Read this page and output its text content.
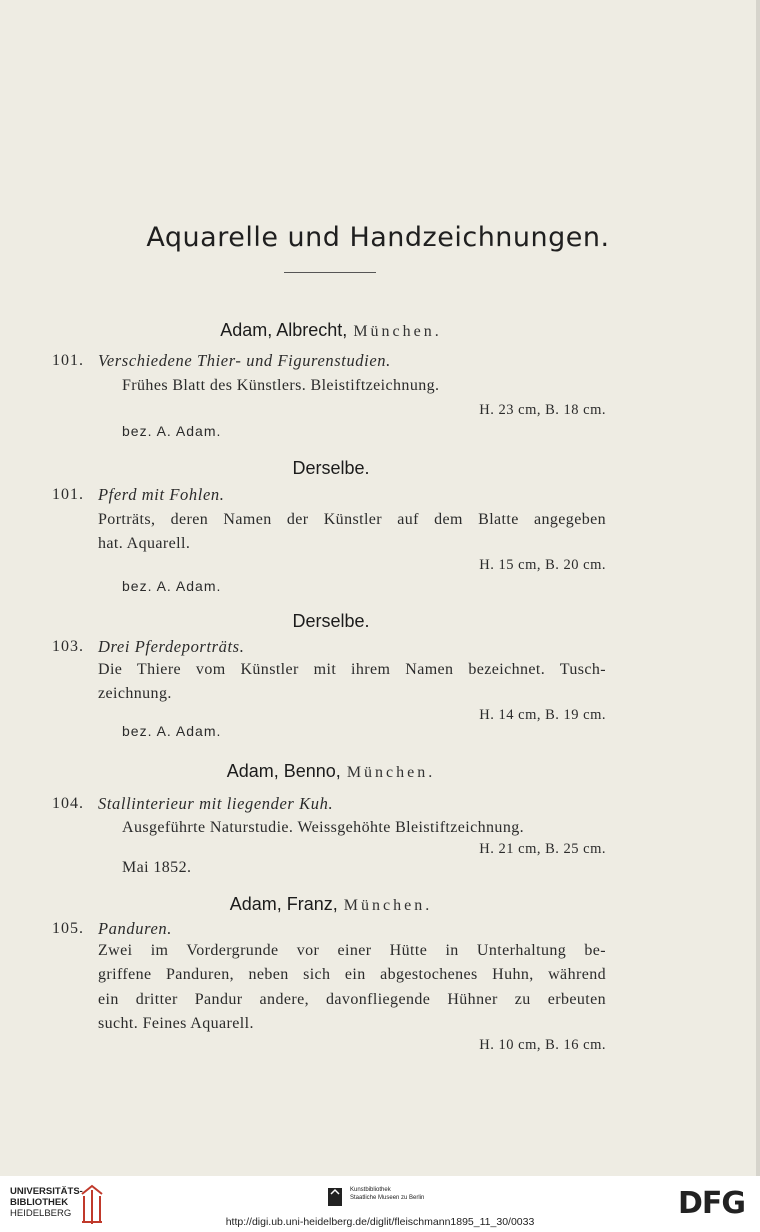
Aquarelle und Handzeichnungen.
Adam, Albrecht, München.
101. Verschiedene Thier- und Figurenstudien.
Frühes Blatt des Künstlers. Bleistiftzeichnung.
H. 23 cm, B. 18 cm.
bez. A. Adam.
Derselbe.
101. Pferd mit Fohlen.
Porträts, deren Namen der Künstler auf dem Blatte angegeben
hat. Aquarell.
H. 15 cm, B. 20 cm.
bez. A. Adam.
Derselbe.
103. Drei Pferdeporträts.
Die Thiere vom Künstler mit ihrem Namen bezeichnet. Tusch-
zeichnung.
H. 14 cm, B. 19 cm.
bez. A. Adam.
Adam, Benno, München.
104. Stallinterieur mit liegender Kuh.
Ausgeführte Naturstudie. Weissgehöhte Bleistiftzeichnung.
H. 21 cm, B. 25 cm.
Mai 1852.
Adam, Franz, München.
105. Panduren.
Zwei im Vordergrunde vor einer Hütte in Unterhaltung be-
griffene Panduren, neben sich ein abgestochenes Huhn, während
ein dritter Pandur andere, davonfliegende Hühner zu erbeuten
sucht. Feines Aquarell.
H. 10 cm, B. 16 cm.
UNIVERSITÄTS-
BIBLIOTHEK
HEIDELBERG
Kunstbibliothek
Staatliche Museen zu Berlin	DFG
http://digi.ub.uni-heidelberg.de/diglit/fleischmann1895_11_30/0033
